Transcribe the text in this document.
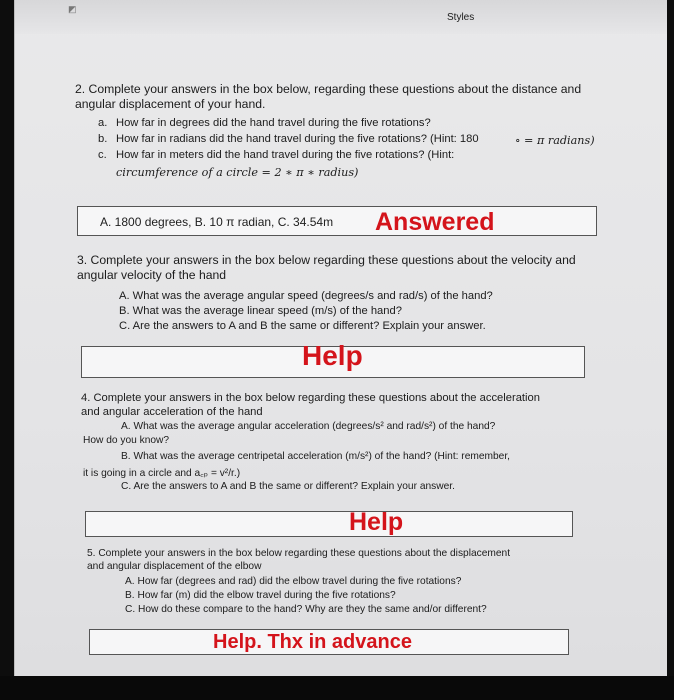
◩
Styles
2. Complete your answers in the box below, regarding these questions about the distance and
angular displacement of your hand.
a. How far in degrees did the hand travel during the five rotations?
b. How far in radians did the hand travel during the five rotations? (Hint: 180	∘ = π radians)
c. How far in meters did the hand travel during the five rotations? (Hint:
circumference of a circle = 2 ∗ π ∗ radius)
A. 1800 degrees, B. 10 π radian, C. 34.54m Answered
3. Complete your answers in the box below regarding these questions about the velocity and
angular velocity of the hand
A. What was the average angular speed (degrees/s and rad/s) of the hand?
B. What was the average linear speed (m/s) of the hand?
C. Are the answers to A and B the same or different? Explain your answer.
Help
4. Complete your answers in the box below regarding these questions about the acceleration
and angular acceleration of the hand
A. What was the average angular acceleration (degrees/s² and rad/s²) of the hand?
How do you know?
B. What was the average centripetal acceleration (m/s²) of the hand? (Hint: remember,
it is going in a circle and a꜀ₚ = v²/r.)
C. Are the answers to A and B the same or different? Explain your answer.
Help
5. Complete your answers in the box below regarding these questions about the displacement
and angular displacement of the elbow
A. How far (degrees and rad) did the elbow travel during the five rotations?
B. How far (m) did the elbow travel during the five rotations?
C. How do these compare to the hand? Why are they the same and/or different?
Help. Thx in advance
